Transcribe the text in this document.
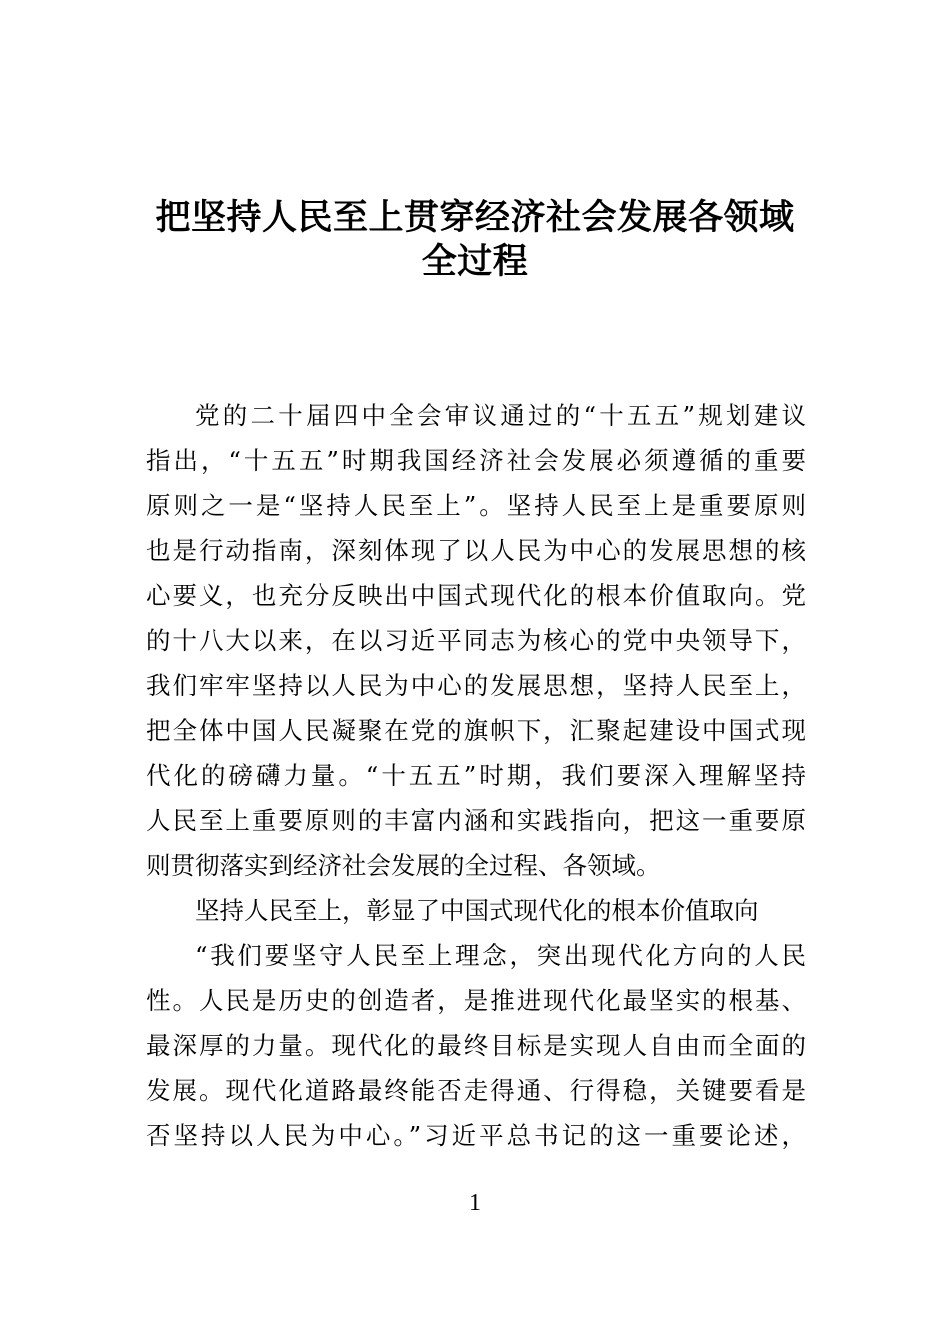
把坚持人民至上贯穿经济社会发展各领域
全过程
党的二十届四中全会审议通过的“十五五”规划建议
指出，“十五五”时期我国经济社会发展必须遵循的重要
原则之一是“坚持人民至上”。坚持人民至上是重要原则
也是行动指南，深刻体现了以人民为中心的发展思想的核
心要义，也充分反映出中国式现代化的根本价值取向。党
的十八大以来，在以习近平同志为核心的党中央领导下，
我们牢牢坚持以人民为中心的发展思想，坚持人民至上，
把全体中国人民凝聚在党的旗帜下，汇聚起建设中国式现
代化的磅礴力量。“十五五”时期，我们要深入理解坚持
人民至上重要原则的丰富内涵和实践指向，把这一重要原
则贯彻落实到经济社会发展的全过程、各领域。
坚持人民至上，彰显了中国式现代化的根本价值取向
“我们要坚守人民至上理念，突出现代化方向的人民
性。人民是历史的创造者，是推进现代化最坚实的根基、
最深厚的力量。现代化的最终目标是实现人自由而全面的
发展。现代化道路最终能否走得通、行得稳，关键要看是
否坚持以人民为中心。”习近平总书记的这一重要论述，
1
